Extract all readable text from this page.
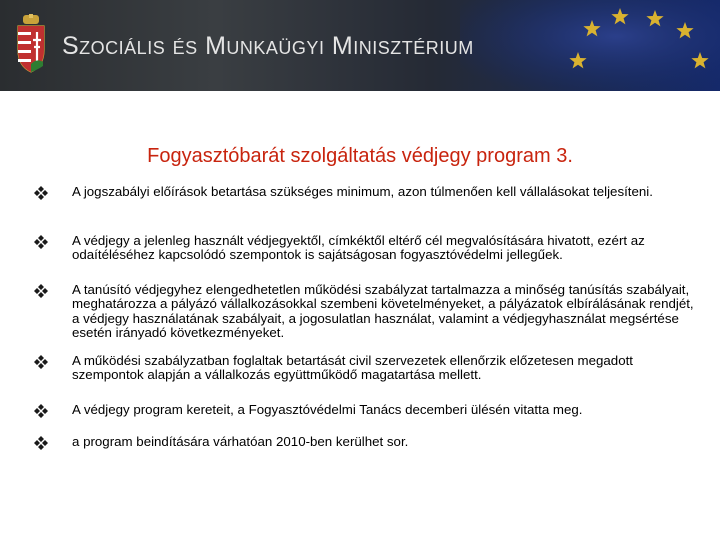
Szociális és Munkaügyi Minisztérium
Fogyasztóbarát szolgáltatás védjegy program 3.
A jogszabályi előírások betartása szükséges minimum, azon túlmenően kell vállalásokat teljesíteni.
A védjegy a jelenleg használt védjegyektől, címkéktől eltérő cél megvalósítására hivatott, ezért az odaítéléséhez kapcsolódó szempontok is sajátságosan fogyasztóvédelmi jellegűek.
A tanúsító védjegyhez elengedhetetlen működési szabályzat tartalmazza a minőség tanúsítás szabályait, meghatározza a pályázó vállalkozásokkal szembeni követelményeket, a pályázatok elbírálásának rendjét, a védjegy használatának szabályait, a jogosulatlan használat, valamint a védjegyhasználat megsértése esetén irányadó következményeket.
A működési szabályzatban foglaltak betartását civil szervezetek ellenőrzik előzetesen megadott szempontok alapján a vállalkozás együttműködő magatartása mellett.
A védjegy program kereteit, a Fogyasztóvédelmi Tanács decemberi ülésén vitatta meg.
a program beindítására várhatóan 2010-ben kerülhet sor.
